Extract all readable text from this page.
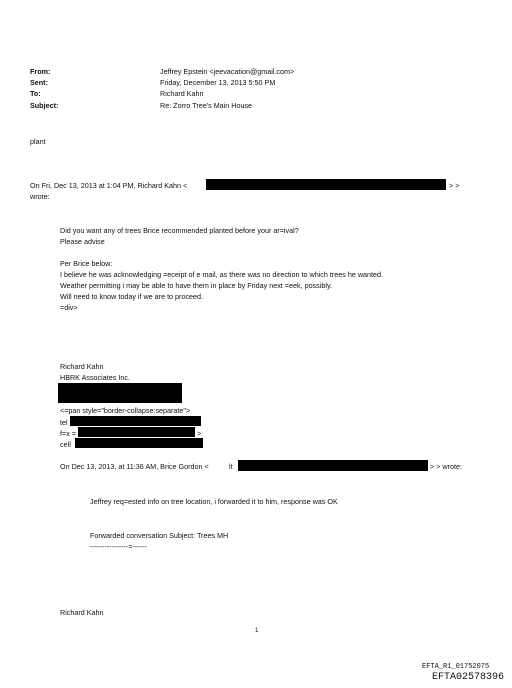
From:	Jeffrey Epstein <jeevacation@gmail.com>
Sent:	Friday, December 13, 2013 5:50 PM
To:	Richard Kahn
Subject:	Re: Zorro Tree's Main House
plant
On Fri, Dec 13, 2013 at 1:04 PM, Richard Kahn <	> >
wrote:
Did you want any of trees Brice recommended planted before your ar=ival?
Please advise
Per Brice below:
I believe he was acknowledging =eceipt of e mail, as there was no direction to which trees he wanted.
Weather permitting i may be able to have them in place by Friday next =eek, possibly.
Will need to know today if we are to proceed.
=div>
Richard Kahn
HBRK Associates Inc.
<=pan style="border-collapse:separate">
tel
f=x =	>
cell
On Dec 13, 2013, at 11:36 AM, Brice Gordon <	lt	> > wrote:
Jeffrey req=ested info on tree location, i forwarded it to him, response was OK
Forwarded conversation Subject: Trees MH
----------------=------
Richard Kahn
1
EFTA_R1_01752075
EFTA02578396
